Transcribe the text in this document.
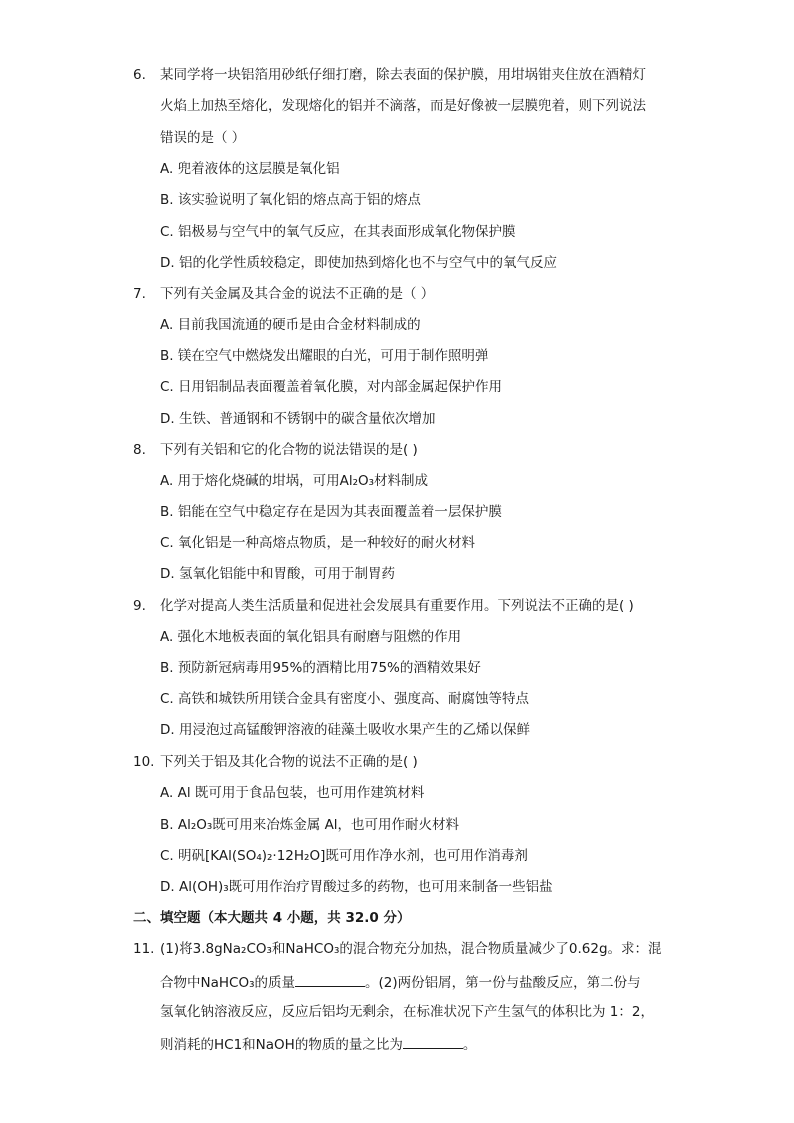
6. 某同学将一块铝箔用砂纸仔细打磨，除去表面的保护膜，用坩埚钳夹住放在酒精灯
火焰上加热至熔化，发现熔化的铝并不滴落，而是好像被一层膜兜着，则下列说法
错误的是（ ）
A. 兜着液体的这层膜是氧化铝
B. 该实验说明了氧化铝的熔点高于铝的熔点
C. 铝极易与空气中的氧气反应，在其表面形成氧化物保护膜
D. 铝的化学性质较稳定，即使加热到熔化也不与空气中的氧气反应
7. 下列有关金属及其合金的说法不正确的是（ ）
A. 目前我国流通的硬币是由合金材料制成的
B. 镁在空气中燃烧发出耀眼的白光，可用于制作照明弹
C. 日用铝制品表面覆盖着氧化膜，对内部金属起保护作用
D. 生铁、普通钢和不锈钢中的碳含量依次增加
8. 下列有关铝和它的化合物的说法错误的是( )
A. 用于熔化烧碱的坩埚，可用Al₂O₃材料制成
B. 铝能在空气中稳定存在是因为其表面覆盖着一层保护膜
C. 氧化铝是一种高熔点物质，是一种较好的耐火材料
D. 氢氧化铝能中和胃酸，可用于制胃药
9. 化学对提高人类生活质量和促进社会发展具有重要作用。下列说法不正确的是( )
A. 强化木地板表面的氧化铝具有耐磨与阻燃的作用
B. 预防新冠病毒用95%的酒精比用75%的酒精效果好
C. 高铁和城铁所用镁合金具有密度小、强度高、耐腐蚀等特点
D. 用浸泡过高锰酸钾溶液的硅藻土吸收水果产生的乙烯以保鲜
10. 下列关于铝及其化合物的说法不正确的是( )
A. Al 既可用于食品包装，也可用作建筑材料
B. Al₂O₃既可用来冶炼金属 Al，也可用作耐火材料
C. 明矾[KAl(SO₄)₂·12H₂O]既可用作净水剂，也可用作消毒剂
D. Al(OH)₃既可用作治疗胃酸过多的药物，也可用来制备一些铝盐
二、填空题（本大题共 4 小题，共 32.0 分）
11. (1)将3.8gNa₂CO₃和NaHCO₃的混合物充分加热，混合物质量减少了0.62g。求：混
合物中NaHCO₃的质量	。(2)两份铝屑，第一份与盐酸反应，第二份与
氢氧化钠溶液反应，反应后铝均无剩余，在标准状况下产生氢气的体积比为 1：2，
则消耗的HC1和NaOH的物质的量之比为	。
